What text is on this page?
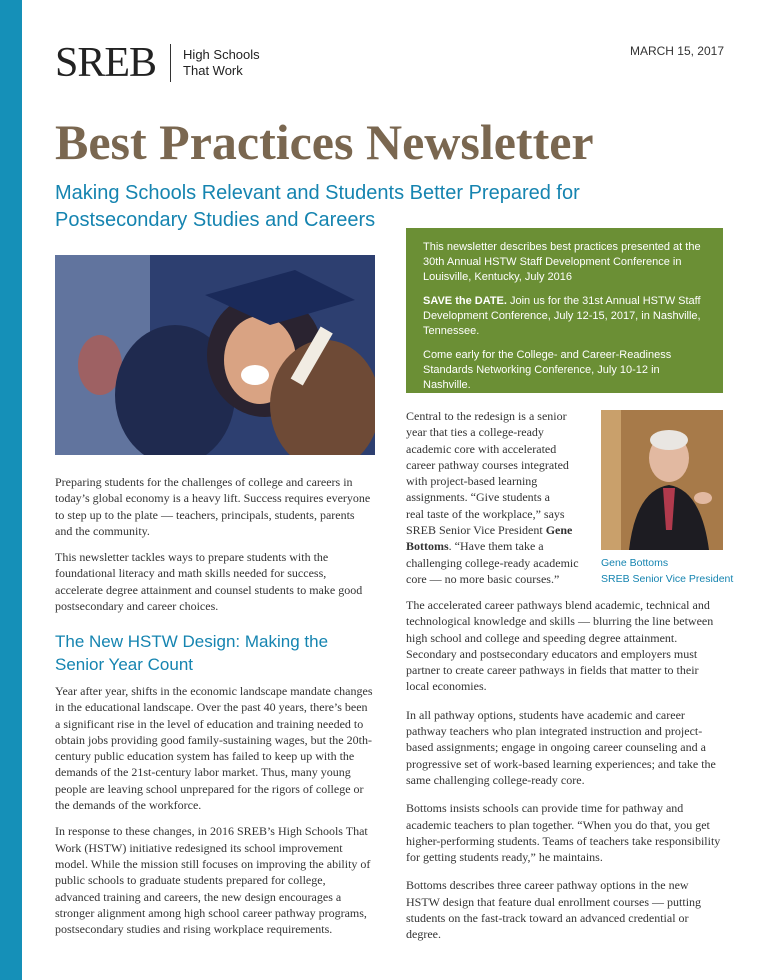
SREB High Schools
That Work
MARCH 15, 2017
Best Practices Newsletter
Making Schools Relevant and Students Better Prepared for Postsecondary Studies and Careers

This newsletter describes best practices presented at the 30th Annual HSTW Staff Development Conference in Louisville, Kentucky, July 2016

SAVE the DATE. Join us for the 31st Annual HSTW Staff Development Conference, July 12-15, 2017, in Nashville, Tennessee.

Come early for the College- and Career-Readiness Standards Networking Conference, July 10-12 in Nashville.

Preparing students for the challenges of college and careers in today’s global economy is a heavy lift. Success requires everyone to step up to the plate — teachers, principals, students, parents and the community.

This newsletter tackles ways to prepare students with the foundational literacy and math skills needed for success, accelerate degree attainment and counsel students to make good postsecondary and career choices.

The New HSTW Design: Making the Senior Year Count

Year after year, shifts in the economic landscape mandate changes in the educational landscape. Over the past 40 years, there’s been a significant rise in the level of education and training needed to obtain jobs providing good family-sustaining wages, but the 20th-century public education system has failed to keep up with the demands of the 21st-century labor market. Thus, many young people are leaving school unprepared for the rigors of college or the demands of the workforce.

In response to these changes, in 2016 SREB’s High Schools That Work (HSTW) initiative redesigned its school improvement model. While the mission still focuses on improving the ability of public schools to graduate students prepared for college, advanced training and careers, the new design encourages a stronger alignment among high school career pathway programs, postsecondary studies and rising workplace requirements.

Central to the redesign is a senior
year that ties a college-ready
academic core with accelerated
career pathway courses integrated
with project-based learning
assignments. “Give students a
real taste of the workplace,” says
SREB Senior Vice President Gene
Bottoms. “Have them take a
challenging college-ready academic
core — no more basic courses.”

Gene Bottoms
SREB Senior Vice President

The accelerated career pathways blend academic, technical and technological knowledge and skills — blurring the line between high school and college and speeding degree attainment. Secondary and postsecondary educators and employers must partner to create career pathways in fields that matter to their local economies.

In all pathway options, students have academic and career pathway teachers who plan integrated instruction and project-based assignments; engage in ongoing career counseling and a progressive set of work-based learning experiences; and take the same challenging college-ready core.

Bottoms insists schools can provide time for pathway and academic teachers to plan together. “When you do that, you get higher-performing students. Teams of teachers take responsibility for getting students ready,” he maintains.

Bottoms describes three career pathway options in the new HSTW design that feature dual enrollment courses — putting students on the fast-track toward an advanced credential or degree.
